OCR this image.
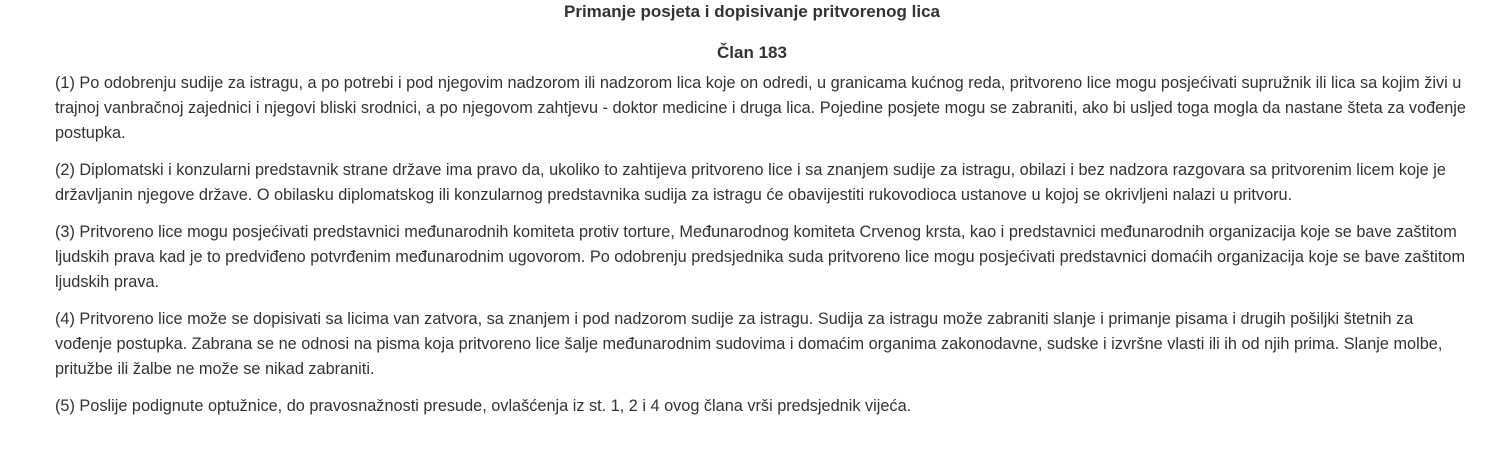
Primanje posjeta i dopisivanje pritvorenog lica
Član 183

(1) Po odobrenju sudije za istragu, a po potrebi i pod njegovim nadzorom ili nadzorom lica koje on odredi, u granicama kućnog reda, pritvoreno lice mogu posjećivati supružnik ili lica sa kojim živi u trajnoj vanbračnoj zajednici i njegovi bliski srodnici, a po njegovom zahtjevu - doktor medicine i druga lica. Pojedine posjete mogu se zabraniti, ako bi usljed toga mogla da nastane šteta za vođenje postupka.

(2) Diplomatski i konzularni predstavnik strane države ima pravo da, ukoliko to zahtijeva pritvoreno lice i sa znanjem sudije za istragu, obilazi i bez nadzora razgovara sa pritvorenim licem koje je državljanin njegove države. O obilasku diplomatskog ili konzularnog predstavnika sudija za istragu će obavijestiti rukovodioca ustanove u kojoj se okrivljeni nalazi u pritvoru.

(3) Pritvoreno lice mogu posjećivati predstavnici međunarodnih komiteta protiv torture, Međunarodnog komiteta Crvenog krsta, kao i predstavnici međunarodnih organizacija koje se bave zaštitom ljudskih prava kad je to predviđeno potvrđenim međunarodnim ugovorom. Po odobrenju predsjednika suda pritvoreno lice mogu posjećivati predstavnici domaćih organizacija koje se bave zaštitom ljudskih prava.

(4) Pritvoreno lice može se dopisivati sa licima van zatvora, sa znanjem i pod nadzorom sudije za istragu. Sudija za istragu može zabraniti slanje i primanje pisama i drugih pošiljki štetnih za vođenje postupka. Zabrana se ne odnosi na pisma koja pritvoreno lice šalje međunarodnim sudovima i domaćim organima zakonodavne, sudske i izvršne vlasti ili ih od njih prima. Slanje molbe, pritužbe ili žalbe ne može se nikad zabraniti.

(5) Poslije podignute optužnice, do pravosnažnosti presude, ovlašćenja iz st. 1, 2 i 4 ovog člana vrši predsjednik vijeća.
